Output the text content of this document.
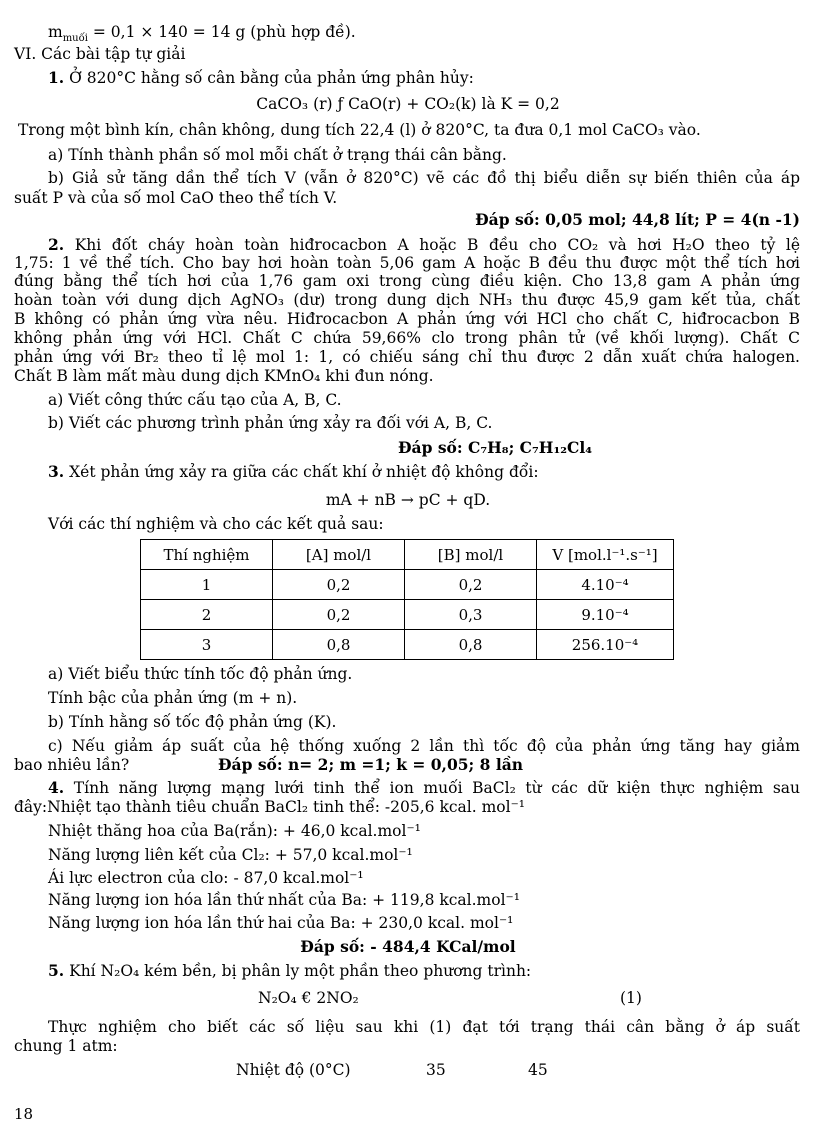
$m_{muối} = 0,1 \times 140 = 14$ g (phù hợp đề).
VI. Các bài tập tự giải
1. Ở 820°C hằng số cân bằng của phản ứng phân hủy:
CaCO₃ (r) ƒ CaO(r) + CO₂(k) là K = 0,2
Trong một bình kín, chân không, dung tích 22,4 (l) ở 820°C, ta đưa 0,1 mol CaCO₃ vào.
a) Tính thành phần số mol mỗi chất ở trạng thái cân bằng.
b) Giả sử tăng dần thể tích V (vẫn ở 820°C) vẽ các đồ thị biểu diễn sự biến thiên của áp
suất P và của số mol CaO theo thể tích V.
Đáp số: 0,05 mol; 44,8 lít; P = 4(n -1)
2. Khi đốt cháy hoàn toàn hiđrocacbon A hoặc B đều cho CO₂ và hơi H₂O theo tỷ lệ
1,75: 1 về thể tích. Cho bay hơi hoàn toàn 5,06 gam A hoặc B đều thu được một thể tích hơi
đúng bằng thể tích hơi của 1,76 gam oxi trong cùng điều kiện. Cho 13,8 gam A phản ứng
hoàn toàn với dung dịch AgNO₃ (dư) trong dung dịch NH₃ thu được 45,9 gam kết tủa, chất
B không có phản ứng vừa nêu. Hiđrocacbon A phản ứng với HCl cho chất C, hiđrocacbon B
không phản ứng với HCl. Chất C chứa 59,66% clo trong phân tử (về khối lượng). Chất C
phản ứng với Br₂ theo tỉ lệ mol 1: 1, có chiếu sáng chỉ thu được 2 dẫn xuất chứa halogen.
Chất B làm mất màu dung dịch KMnO₄ khi đun nóng.
a) Viết công thức cấu tạo của A, B, C.
b) Viết các phương trình phản ứng xảy ra đối với A, B, C.
Đáp số: C₇H₈; C₇H₁₂Cl₄
3. Xét phản ứng xảy ra giữa các chất khí ở nhiệt độ không đổi:
mA + nB → pC + qD.
Với các thí nghiệm và cho các kết quả sau:
Thí nghiệm	[A] mol/l	[B] mol/l	V [mol.l⁻¹.s⁻¹]
1	0,2	0,2	4.10⁻⁴
2	0,2	0,3	9.10⁻⁴
3	0,8	0,8	256.10⁻⁴
a) Viết biểu thức tính tốc độ phản ứng.
Tính bậc của phản ứng (m + n).
b) Tính hằng số tốc độ phản ứng (K).
c) Nếu giảm áp suất của hệ thống xuống 2 lần thì tốc độ của phản ứng tăng hay giảm
bao nhiêu lần?	Đáp số: n= 2; m =1; k = 0,05; 8 lần
4. Tính năng lượng mạng lưới tinh thể ion muối BaCl₂ từ các dữ kiện thực nghiệm sau
đây:Nhiệt tạo thành tiêu chuẩn BaCl₂ tinh thể: -205,6 kcal. mol⁻¹
Nhiệt thăng hoa của Ba(rắn): + 46,0 kcal.mol⁻¹
Năng lượng liên kết của Cl₂: + 57,0 kcal.mol⁻¹
Ái lực electron của clo: - 87,0 kcal.mol⁻¹
Năng lượng ion hóa lần thứ nhất của Ba: + 119,8 kcal.mol⁻¹
Năng lượng ion hóa lần thứ hai của Ba: + 230,0 kcal. mol⁻¹
Đáp số: - 484,4 KCal/mol
5. Khí N₂O₄ kém bền, bị phân ly một phần theo phương trình:
N₂O₄ € 2NO₂	(1)
Thực nghiệm cho biết các số liệu sau khi (1) đạt tới trạng thái cân bằng ở áp suất
chung 1 atm:
Nhiệt độ (0°C)	35	45
18
